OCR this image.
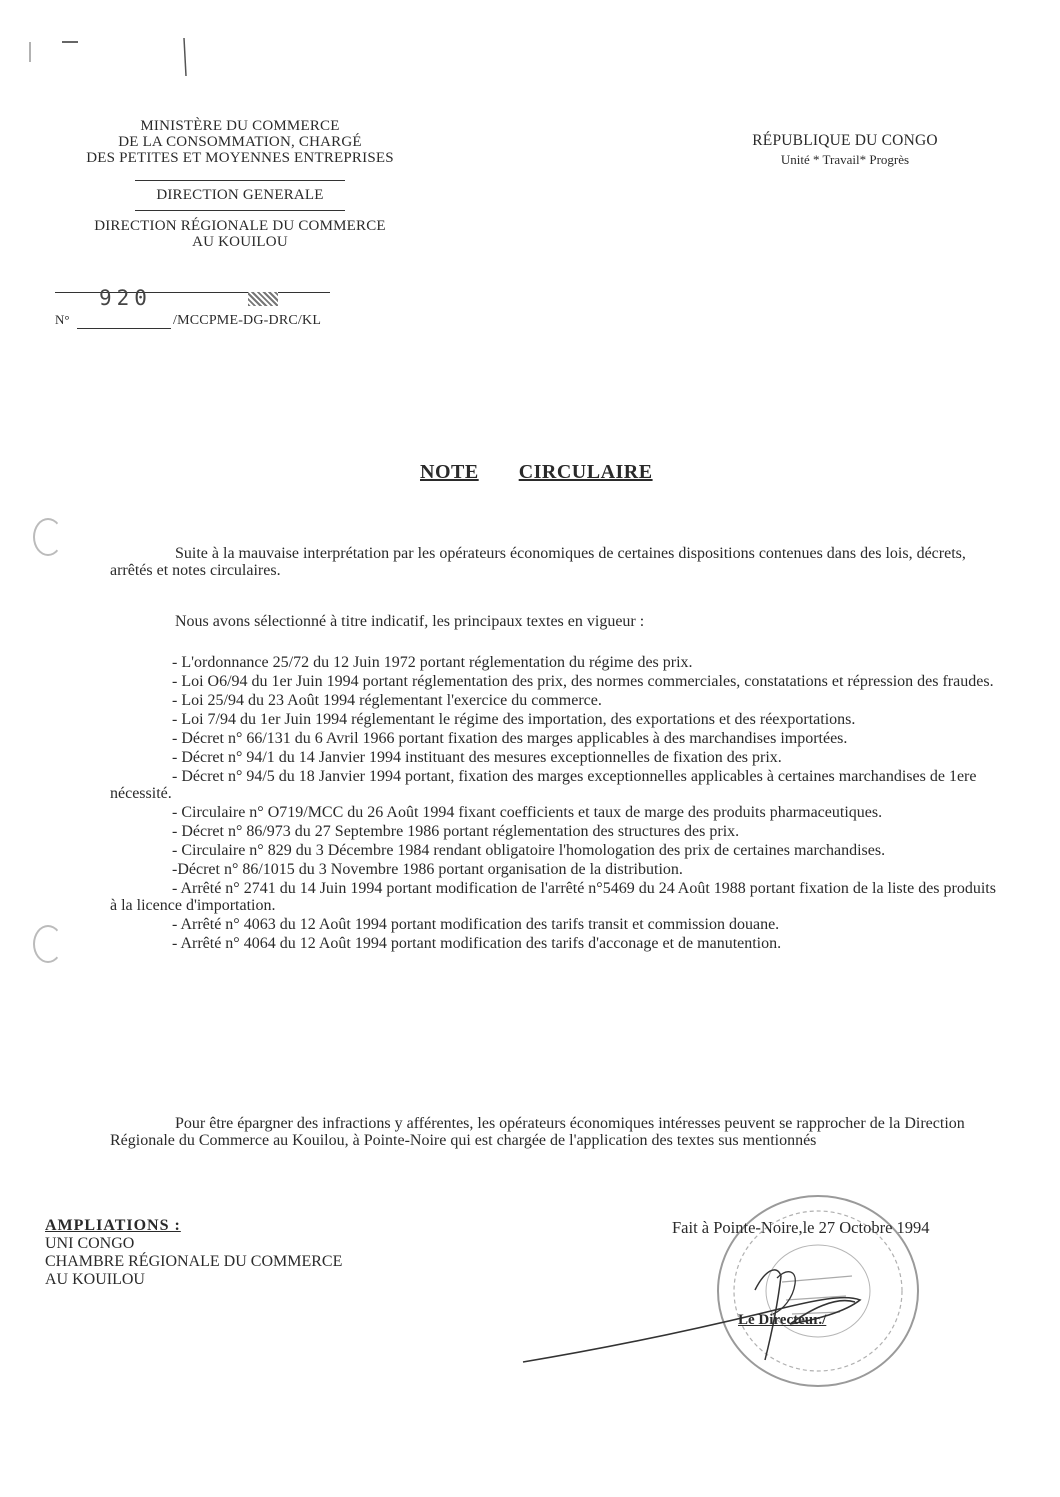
MINISTÈRE DU COMMERCE
DE LA CONSOMMATION, CHARGÉ
DES PETITES ET MOYENNES ENTREPRISES
DIRECTION GENERALE
DIRECTION RÉGIONALE DU COMMERCE
AU KOUILOU
920
N°	/MCCPME-DG-DRC/KL
RÉPUBLIQUE DU CONGO
Unité * Travail* Progrès
NOTE CIRCULAIRE
Suite à la mauvaise interprétation par les opérateurs économiques de certaines dispositions contenues dans des lois, décrets, arrêtés et notes circulaires.
Nous avons sélectionné à titre indicatif, les principaux textes en vigueur :
- L'ordonnance 25/72 du 12 Juin 1972 portant réglementation du régime des prix.
- Loi O6/94 du 1er Juin 1994 portant réglementation des prix, des normes commerciales, constatations et répression des fraudes.
- Loi 25/94 du 23 Août 1994 réglementant l'exercice du commerce.
- Loi 7/94 du 1er Juin 1994 réglementant le régime des importation, des exportations et des réexportations.
- Décret n° 66/131 du 6 Avril 1966 portant fixation des marges applicables à des marchandises importées.
- Décret n° 94/1 du 14 Janvier 1994 instituant des mesures exceptionnelles de fixation des prix.
- Décret n° 94/5 du 18 Janvier 1994 portant, fixation des marges exceptionnelles applicables à certaines marchandises de 1ere nécessité.
- Circulaire n° O719/MCC du 26 Août 1994 fixant coefficients et taux de marge des produits pharmaceutiques.
- Décret n° 86/973 du 27 Septembre 1986 portant réglementation des structures des prix.
- Circulaire n° 829 du 3 Décembre 1984 rendant obligatoire l'homologation des prix de certaines marchandises.
-Décret n° 86/1015 du 3 Novembre 1986 portant organisation de la distribution.
- Arrêté n° 2741 du 14 Juin 1994 portant modification de l'arrêté n°5469 du 24 Août 1988 portant fixation de la liste des produits à la licence d'importation.
- Arrêté n° 4063 du 12 Août 1994 portant modification des tarifs transit et commission douane.
- Arrêté n° 4064 du 12 Août 1994 portant modification des tarifs d'acconage et de manutention.
Pour être épargner des infractions y afférentes, les opérateurs économiques intéresses peuvent se rapprocher de la Direction Régionale du Commerce au Kouilou, à Pointe-Noire qui est chargée de l'application des textes sus mentionnés
AMPLIATIONS :
UNI CONGO
CHAMBRE RÉGIONALE DU COMMERCE
AU KOUILOU
Fait à Pointe-Noire,le 27 Octobre 1994
Le Directeur./
